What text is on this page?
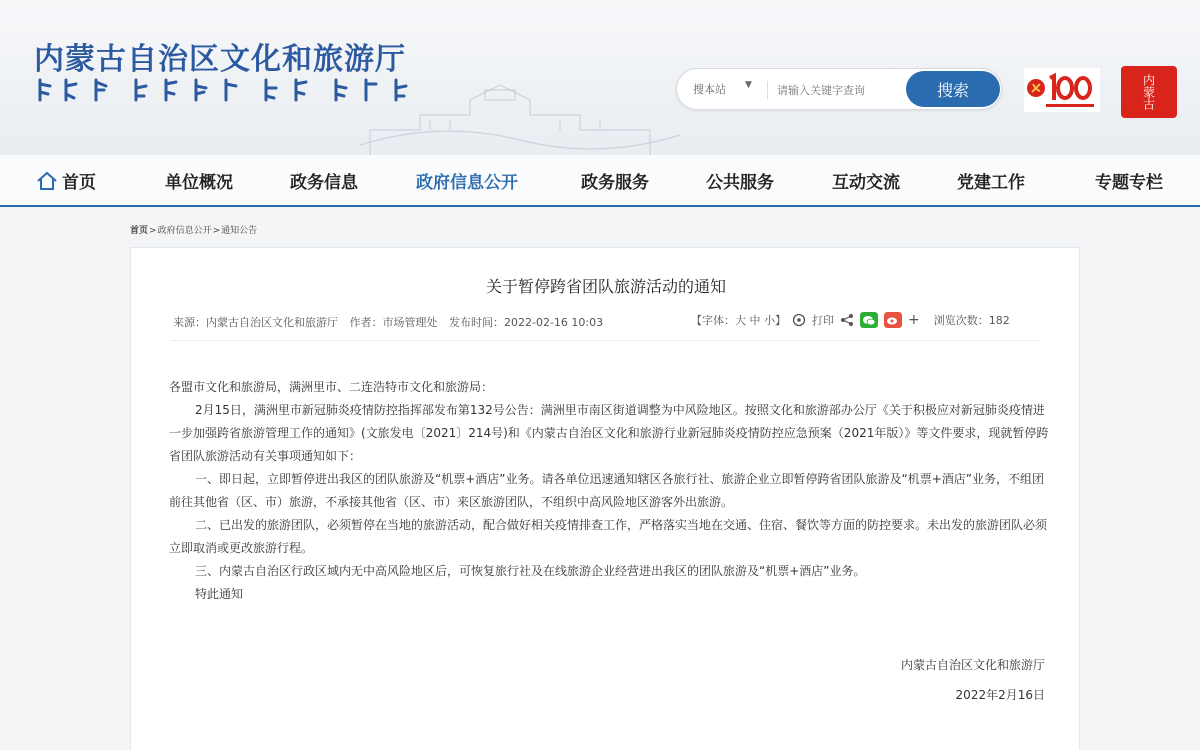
内蒙古自治区文化和旅游厅
搜本站 ▼
请输入关键字查询	搜索	内蒙古
首页	单位概况	政务信息	政府信息公开	政务服务	公共服务	互动交流	党建工作	专题专栏
首页>政府信息公开>通知公告
关于暂停跨省团队旅游活动的通知
来源：内蒙古自治区文化和旅游厅 作者：市场管理处 发布时间：2022-02-16 10:03	【字体：大 中 小】 打印	+ 浏览次数：182

各盟市文化和旅游局，满洲里市、二连浩特市文化和旅游局：

2月15日，满洲里市新冠肺炎疫情防控指挥部发布第132号公告：满洲里市南区街道调整为中风险地区。按照文化和旅游部办公厅《关于积极应对新冠肺炎疫情进一步加强跨省旅游管理工作的通知》(文旅发电〔2021〕214号)和《内蒙古自治区文化和旅游行业新冠肺炎疫情防控应急预案（2021年版）》等文件要求，现就暂停跨省团队旅游活动有关事项通知如下：

一、即日起，立即暂停进出我区的团队旅游及“机票+酒店”业务。请各单位迅速通知辖区各旅行社、旅游企业立即暂停跨省团队旅游及“机票+酒店”业务，不组团前往其他省（区、市）旅游，不承接其他省（区、市）来区旅游团队，不组织中高风险地区游客外出旅游。

二、已出发的旅游团队，必须暂停在当地的旅游活动，配合做好相关疫情排查工作，严格落实当地在交通、住宿、餐饮等方面的防控要求。未出发的旅游团队必须立即取消或更改旅游行程。

三、内蒙古自治区行政区域内无中高风险地区后，可恢复旅行社及在线旅游企业经营进出我区的团队旅游及“机票+酒店”业务。

特此通知

内蒙古自治区文化和旅游厅
2022年2月16日
